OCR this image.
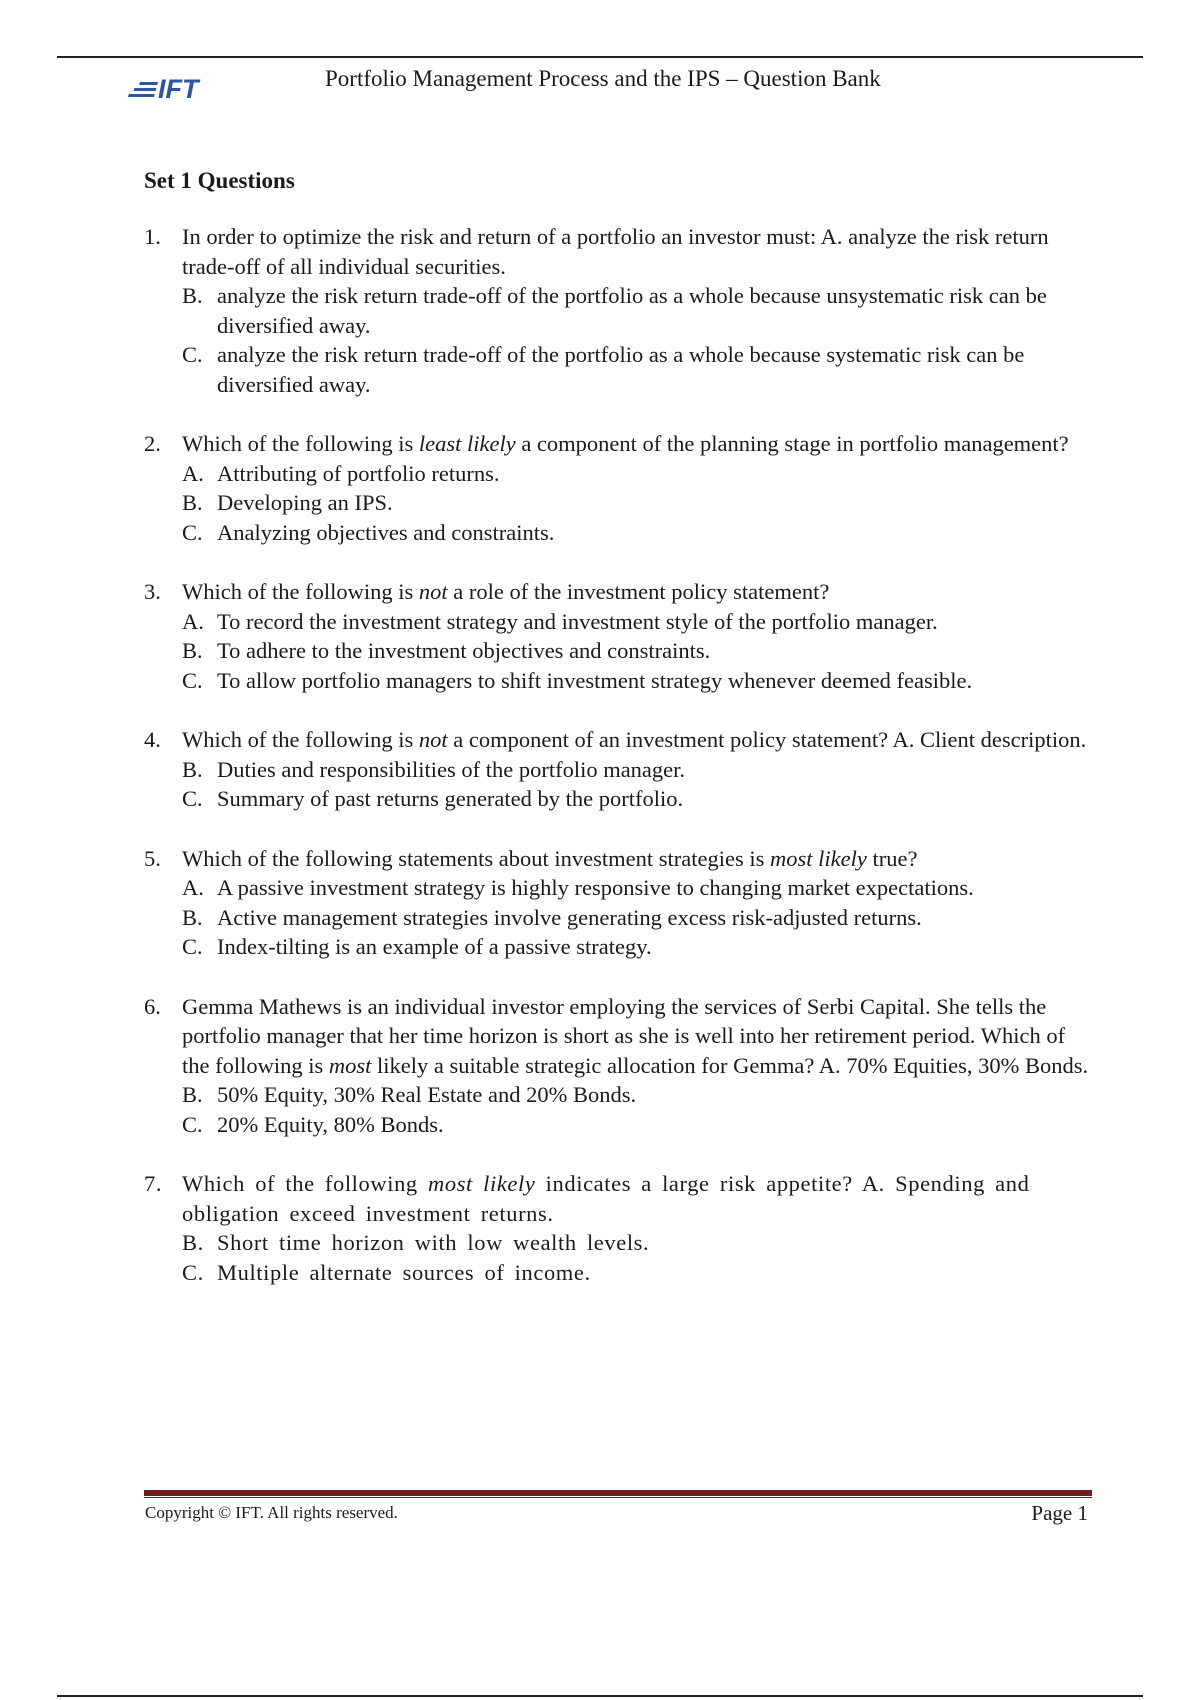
IFT	Portfolio Management Process and the IPS – Question Bank
Set 1 Questions
1. In order to optimize the risk and return of a portfolio an investor must: A. analyze the risk return trade-off of all individual securities.
B. analyze the risk return trade-off of the portfolio as a whole because unsystematic risk can be diversified away.
C. analyze the risk return trade-off of the portfolio as a whole because systematic risk can be diversified away.
2. Which of the following is least likely a component of the planning stage in portfolio management?
A. Attributing of portfolio returns.
B. Developing an IPS.
C. Analyzing objectives and constraints.
3. Which of the following is not a role of the investment policy statement?
A. To record the investment strategy and investment style of the portfolio manager.
B. To adhere to the investment objectives and constraints.
C. To allow portfolio managers to shift investment strategy whenever deemed feasible.
4. Which of the following is not a component of an investment policy statement? A. Client description.
B. Duties and responsibilities of the portfolio manager.
C. Summary of past returns generated by the portfolio.
5. Which of the following statements about investment strategies is most likely true?
A. A passive investment strategy is highly responsive to changing market expectations.
B. Active management strategies involve generating excess risk-adjusted returns.
C. Index-tilting is an example of a passive strategy.
6. Gemma Mathews is an individual investor employing the services of Serbi Capital. She tells the portfolio manager that her time horizon is short as she is well into her retirement period. Which of the following is most likely a suitable strategic allocation for Gemma? A. 70% Equities, 30% Bonds.
B. 50% Equity, 30% Real Estate and 20% Bonds.
C. 20% Equity, 80% Bonds.
7. Which of the following most likely indicates a large risk appetite? A. Spending and obligation exceed investment returns.
B. Short time horizon with low wealth levels.
C. Multiple alternate sources of income.
Copyright © IFT. All rights reserved.	Page 1
